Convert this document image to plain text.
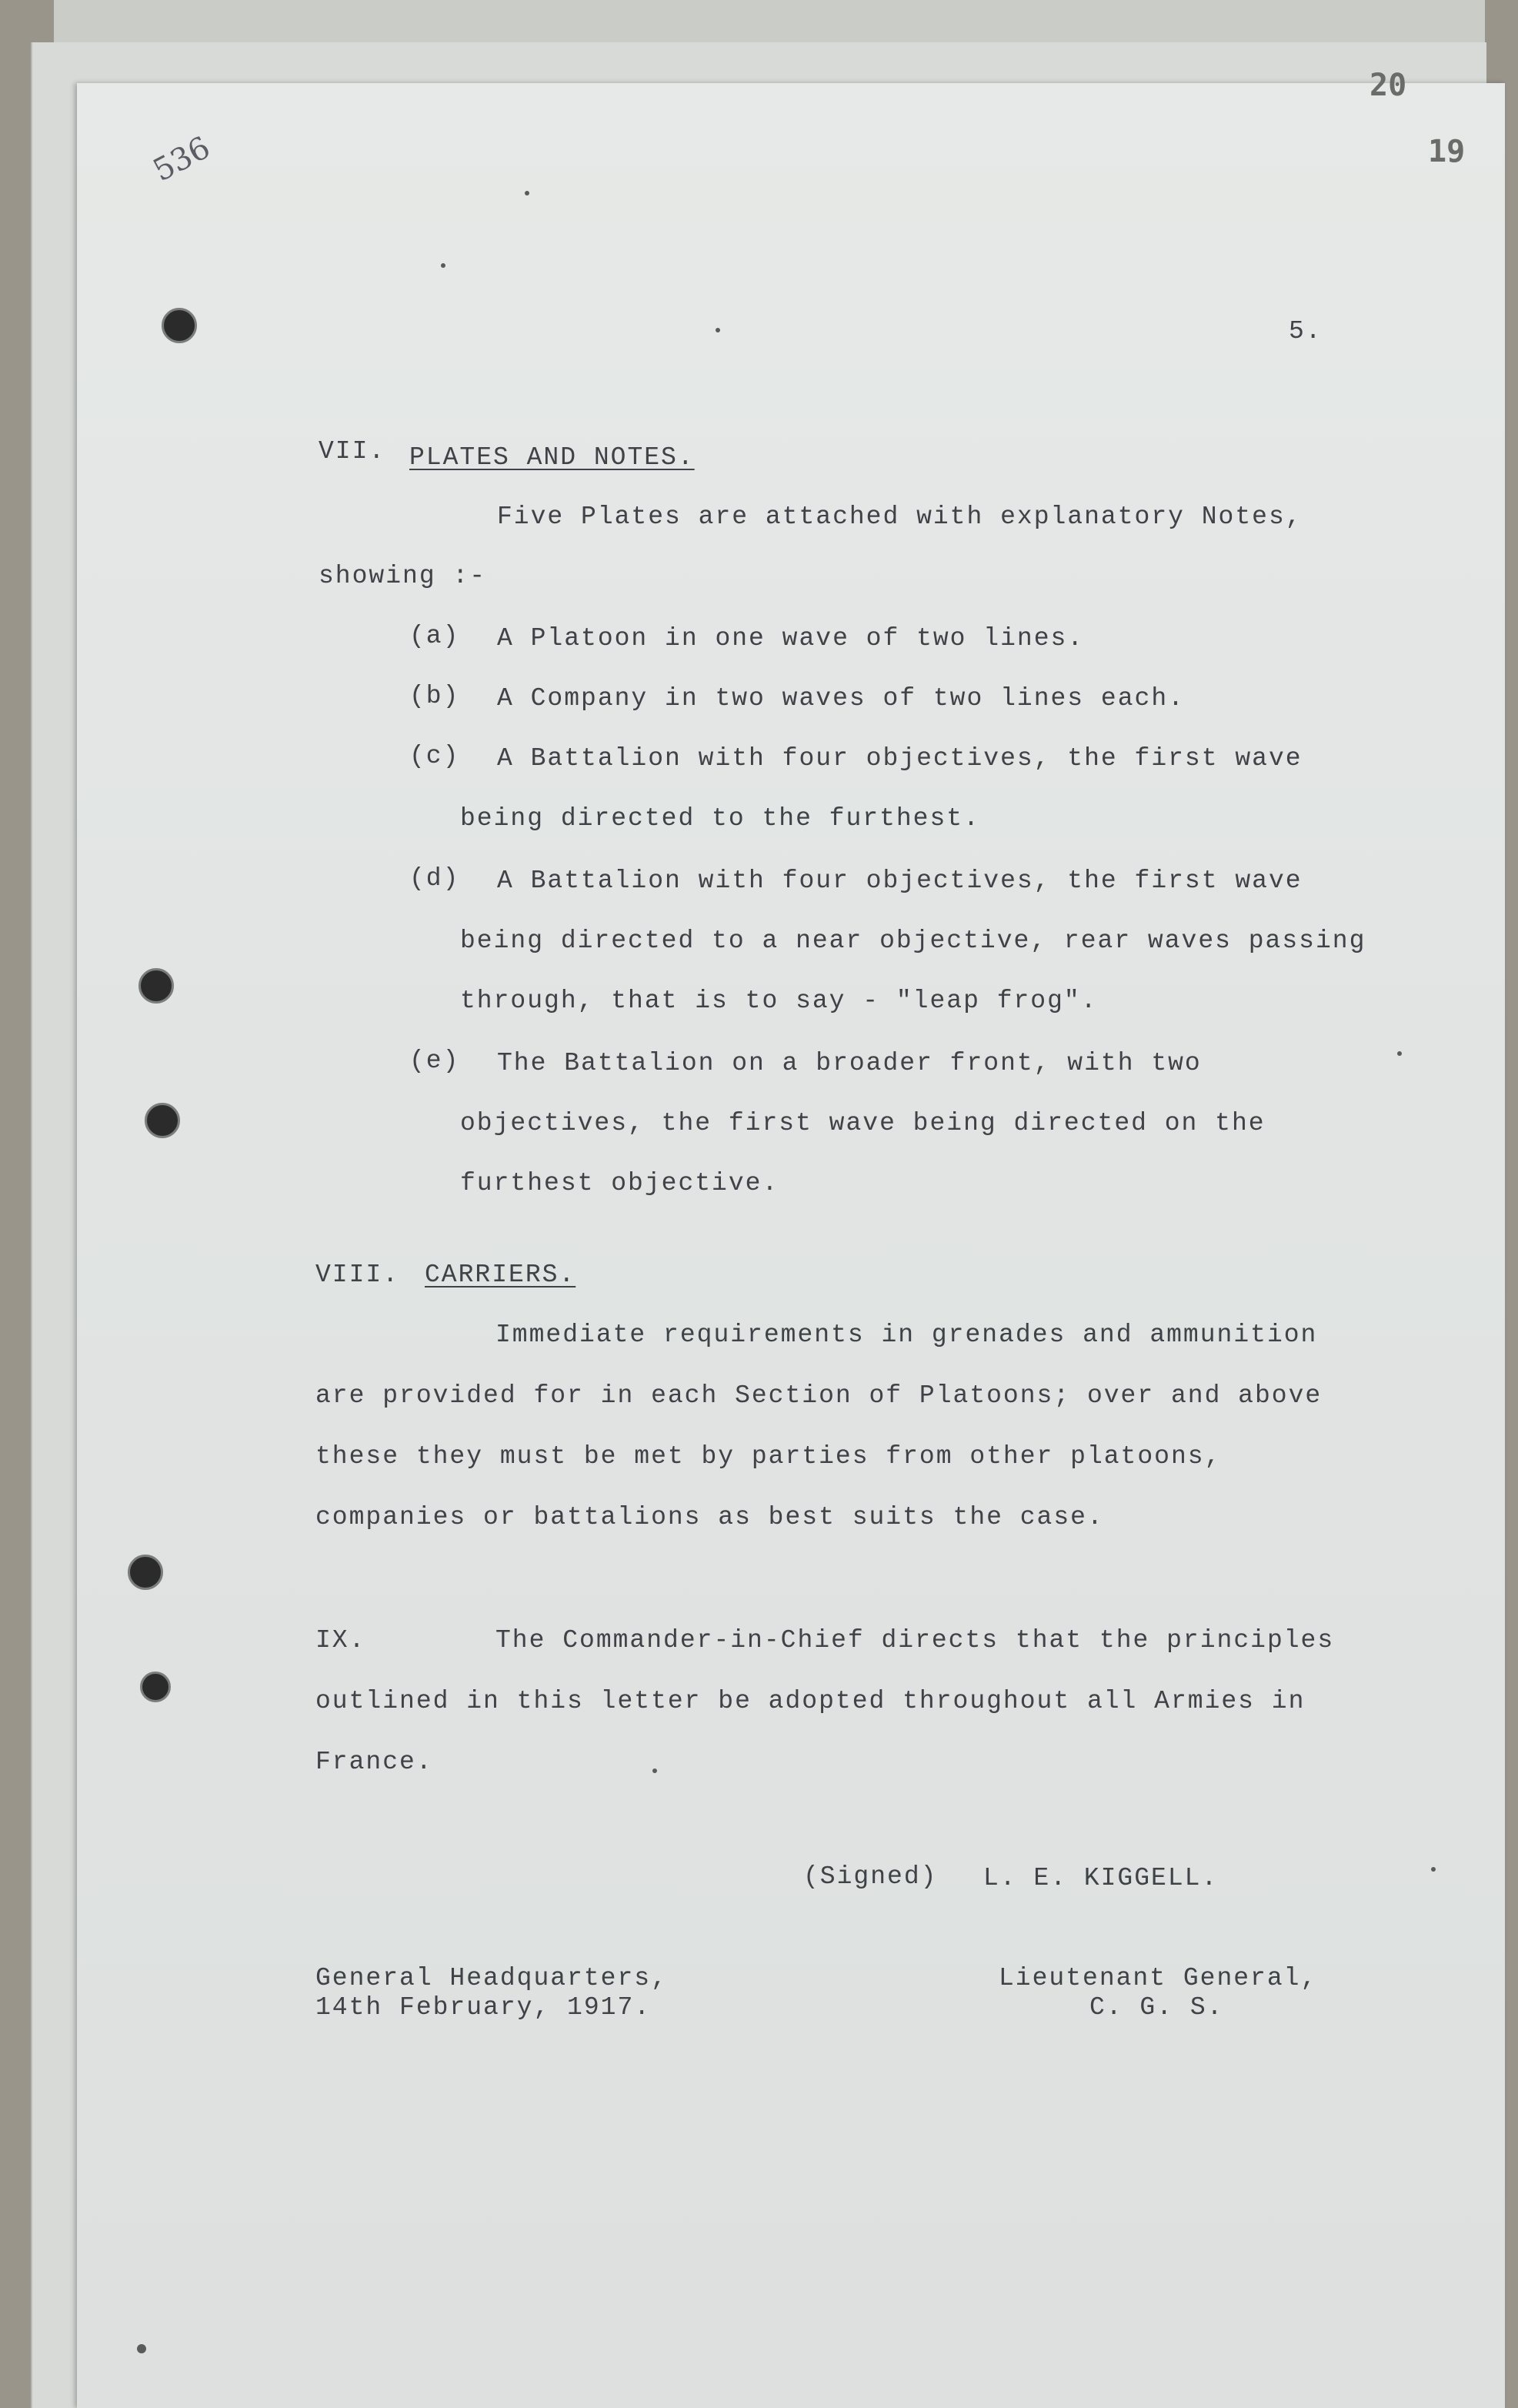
20
19
536
5.
VII. PLATES AND NOTES.
Five Plates are attached with explanatory Notes,
showing :-
(a) A Platoon in one wave of two lines.
(b) A Company in two waves of two lines each.
(c) A Battalion with four objectives, the first wave
being directed to the furthest.
(d) A Battalion with four objectives, the first wave
being directed to a near objective, rear waves passing
through, that is to say - "leap frog".
(e) The Battalion on a broader front, with two
objectives, the first wave being directed on the
furthest objective.
VIII. CARRIERS.
Immediate requirements in grenades and ammunition
are provided for in each Section of Platoons; over and above
these they must be met by parties from other platoons,
companies or battalions as best suits the case.
IX.	The Commander-in-Chief directs that the principles
outlined in this letter be adopted throughout all Armies in
France.
(Signed) L. E. KIGGELL.
General Headquarters,
14th February, 1917.
Lieutenant General,
C. G. S.
